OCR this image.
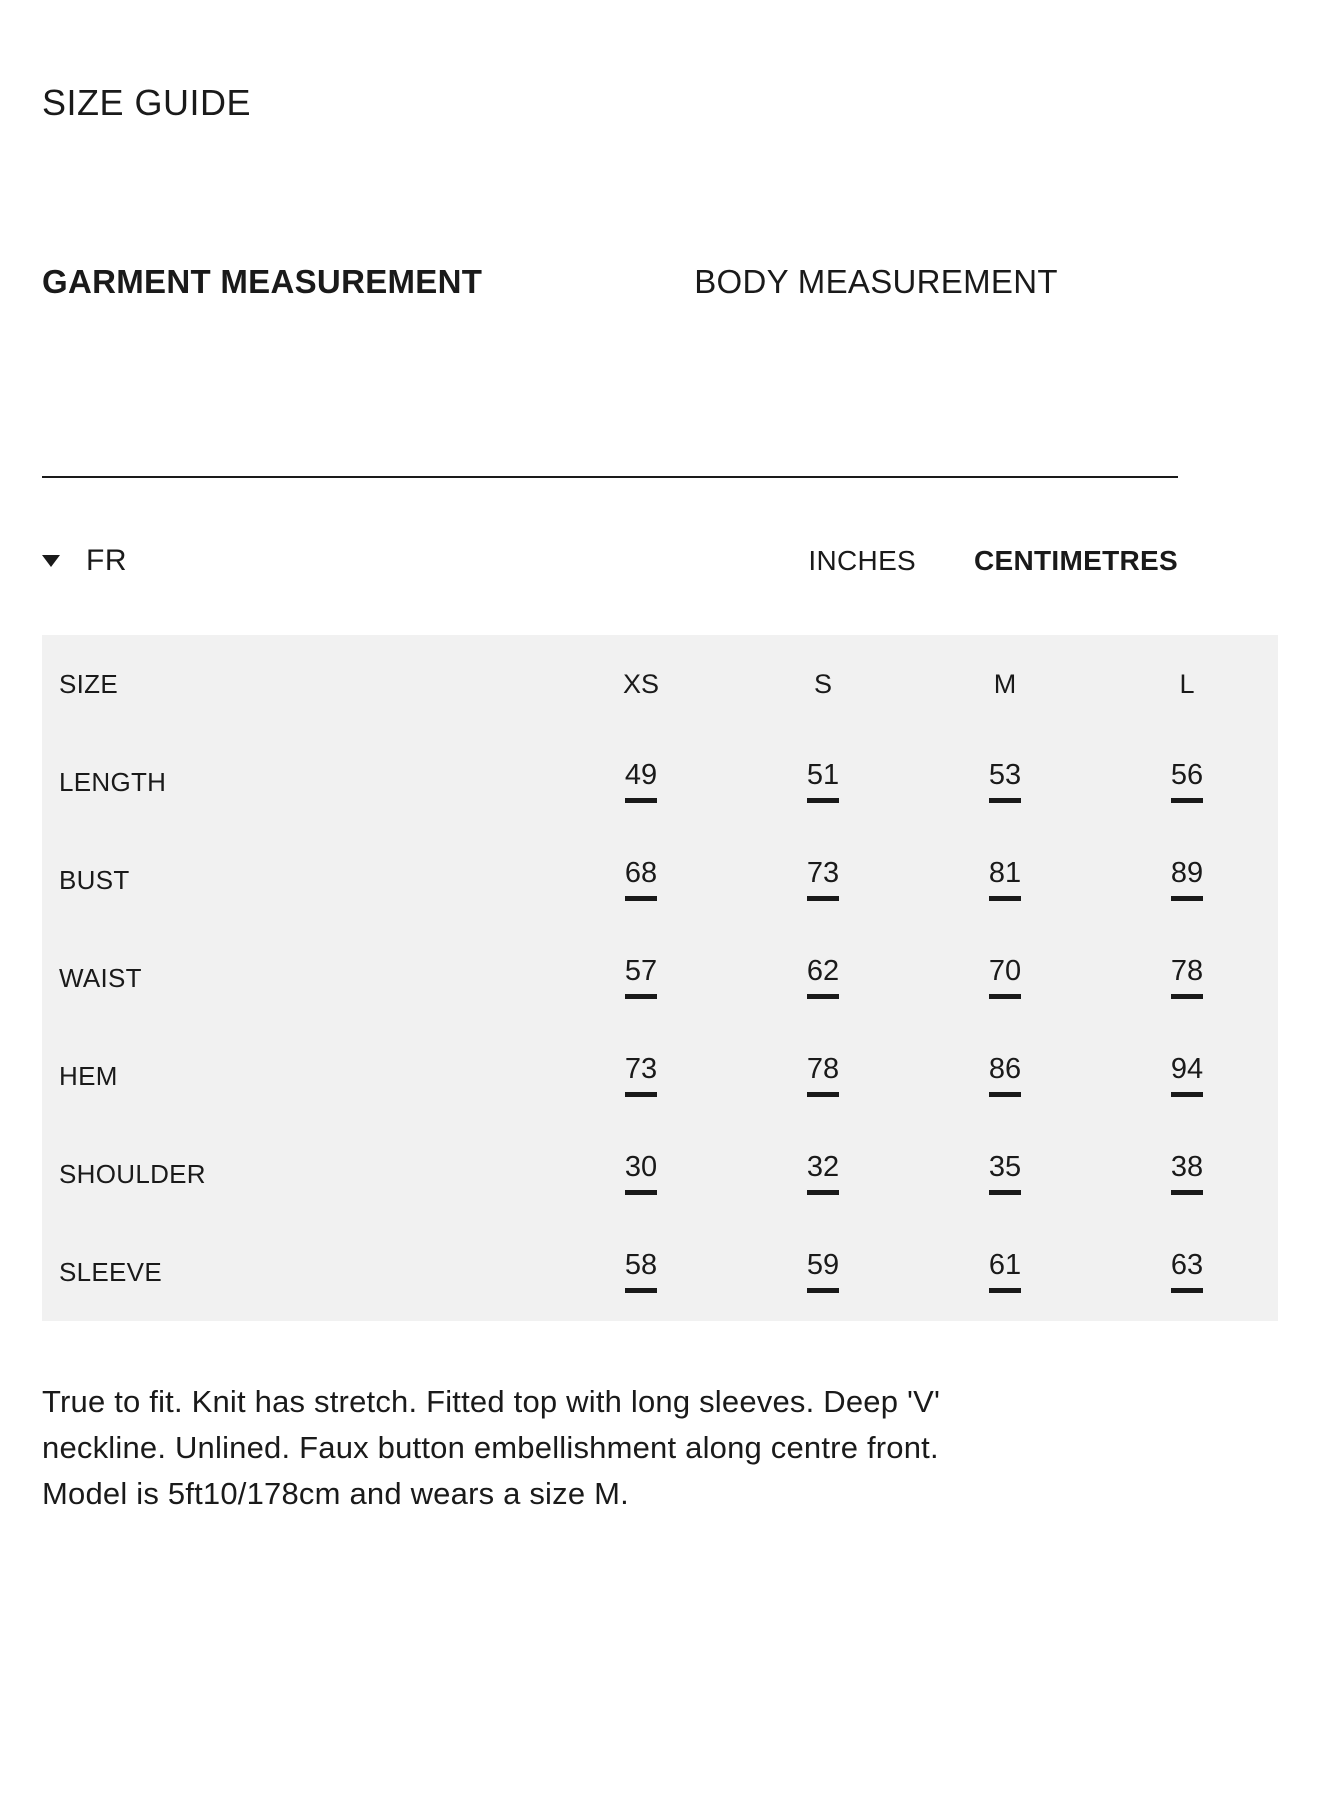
SIZE GUIDE
GARMENT MEASUREMENT	BODY MEASUREMENT
FR	INCHES CENTIMETRES
SIZE	XS	S	M	L
LENGTH	49	51	53	56
BUST	68	73	81	89
WAIST	57	62	70	78
HEM	73	78	86	94
SHOULDER	30	32	35	38
SLEEVE	58	59	61	63

True to fit. Knit has stretch. Fitted top with long sleeves. Deep 'V' neckline. Unlined. Faux button embellishment along centre front. Model is 5ft10/178cm and wears a size M.
